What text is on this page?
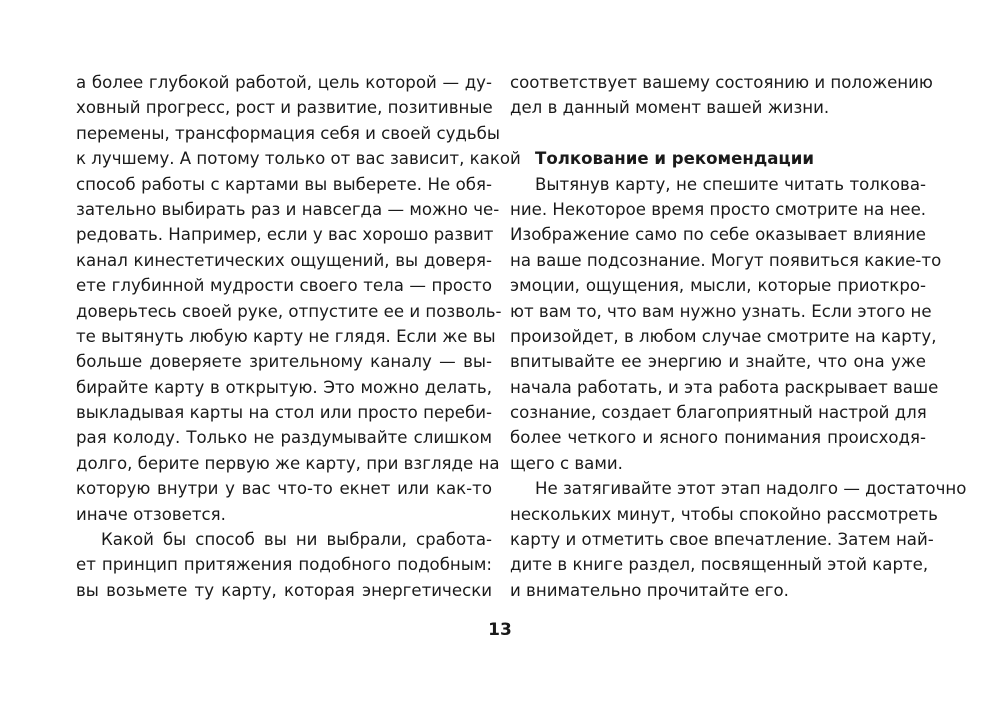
а более глубокой работой, цель которой — ду-
ховный прогресс, рост и развитие, позитивные
перемены, трансформация себя и своей судьбы
к лучшему. А потому только от вас зависит, какой
способ работы с картами вы выберете. Не обя-
зательно выбирать раз и навсегда — можно че-
редовать. Например, если у вас хорошо развит
канал кинестетических ощущений, вы доверя-
ете глубинной мудрости своего тела — просто
доверьтесь своей руке, отпустите ее и позволь-
те вытянуть любую карту не глядя. Если же вы
больше доверяете зрительному каналу — вы-
бирайте карту в открытую. Это можно делать,
выкладывая карты на стол или просто переби-
рая колоду. Только не раздумывайте слишком
долго, берите первую же карту, при взгляде на
которую внутри у вас что-то екнет или как-то
иначе отзовется.
Какой бы способ вы ни выбрали, сработа-
ет принцип притяжения подобного подобным:
вы возьмете ту карту, которая энергетически
соответствует вашему состоянию и положению
дел в данный момент вашей жизни.
Толкование и рекомендации
Вытянув карту, не спешите читать толкова-
ние. Некоторое время просто смотрите на нее.
Изображение само по себе оказывает влияние
на ваше подсознание. Могут появиться какие-то
эмоции, ощущения, мысли, которые приоткро-
ют вам то, что вам нужно узнать. Если этого не
произойдет, в любом случае смотрите на карту,
впитывайте ее энергию и знайте, что она уже
начала работать, и эта работа раскрывает ваше
сознание, создает благоприятный настрой для
более четкого и ясного понимания происходя-
щего с вами.
Не затягивайте этот этап надолго — достаточно
нескольких минут, чтобы спокойно рассмотреть
карту и отметить свое впечатление. Затем най-
дите в книге раздел, посвященный этой карте,
и внимательно прочитайте его.
13
